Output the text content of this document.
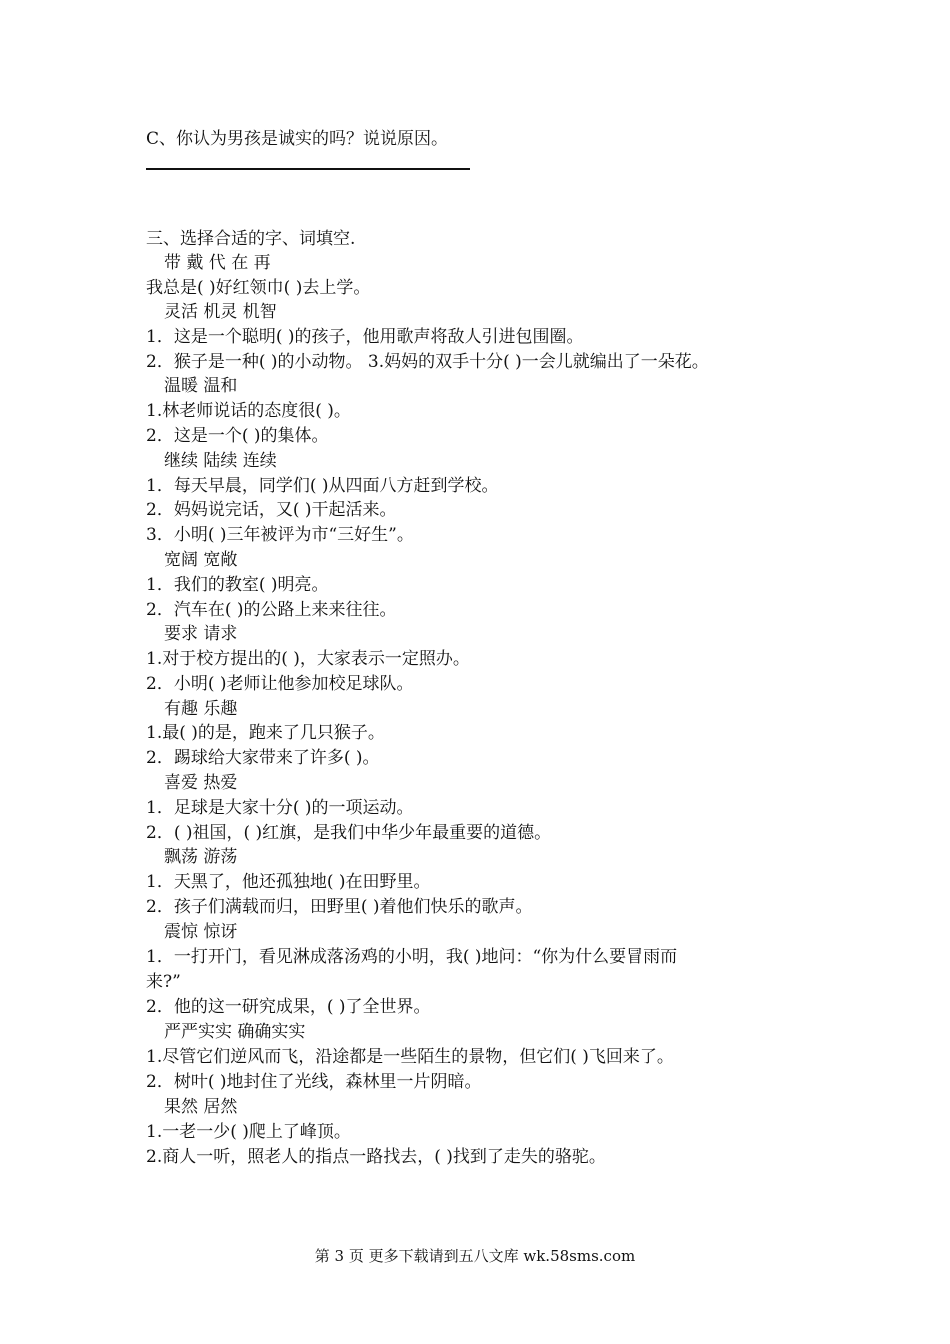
C、你认为男孩是诚实的吗？说说原因。
三、选择合适的字、词填空.
带 戴 代 在 再
我总是( )好红领巾( )去上学。
灵活 机灵 机智
1．这是一个聪明( )的孩子，他用歌声将敌人引进包围圈。
2．猴子是一种( )的小动物。 3.妈妈的双手十分( )一会儿就编出了一朵花。
温暖 温和
1.林老师说话的态度很( )。
2．这是一个( )的集体。
继续 陆续 连续
1．每天早晨，同学们( )从四面八方赶到学校。
2．妈妈说完话，又( )干起活来。
3．小明( )三年被评为市“三好生”。
宽阔 宽敞
1．我们的教室( )明亮。
2．汽车在( )的公路上来来往往。
要求 请求
1.对于校方提出的( )，大家表示一定照办。
2．小明( )老师让他参加校足球队。
有趣 乐趣
1.最( )的是，跑来了几只猴子。
2．踢球给大家带来了许多( )。
喜爱 热爱
1．足球是大家十分( )的一项运动。
2．( )祖国，( )红旗，是我们中华少年最重要的道德。
飘荡 游荡
1．天黑了，他还孤独地( )在田野里。
2．孩子们满载而归，田野里( )着他们快乐的歌声。
震惊 惊讶
1．一打开门，看见淋成落汤鸡的小明，我( )地问：“你为什么要冒雨而
来?”
2．他的这一研究成果，( )了全世界。
严严实实 确确实实
1.尽管它们逆风而飞，沿途都是一些陌生的景物，但它们( )飞回来了。
2．树叶( )地封住了光线，森林里一片阴暗。
果然 居然
1.一老一少( )爬上了峰顶。
2.商人一听，照老人的指点一路找去，( )找到了走失的骆驼。
第 3 页 更多下载请到五八文库 wk.58sms.com
